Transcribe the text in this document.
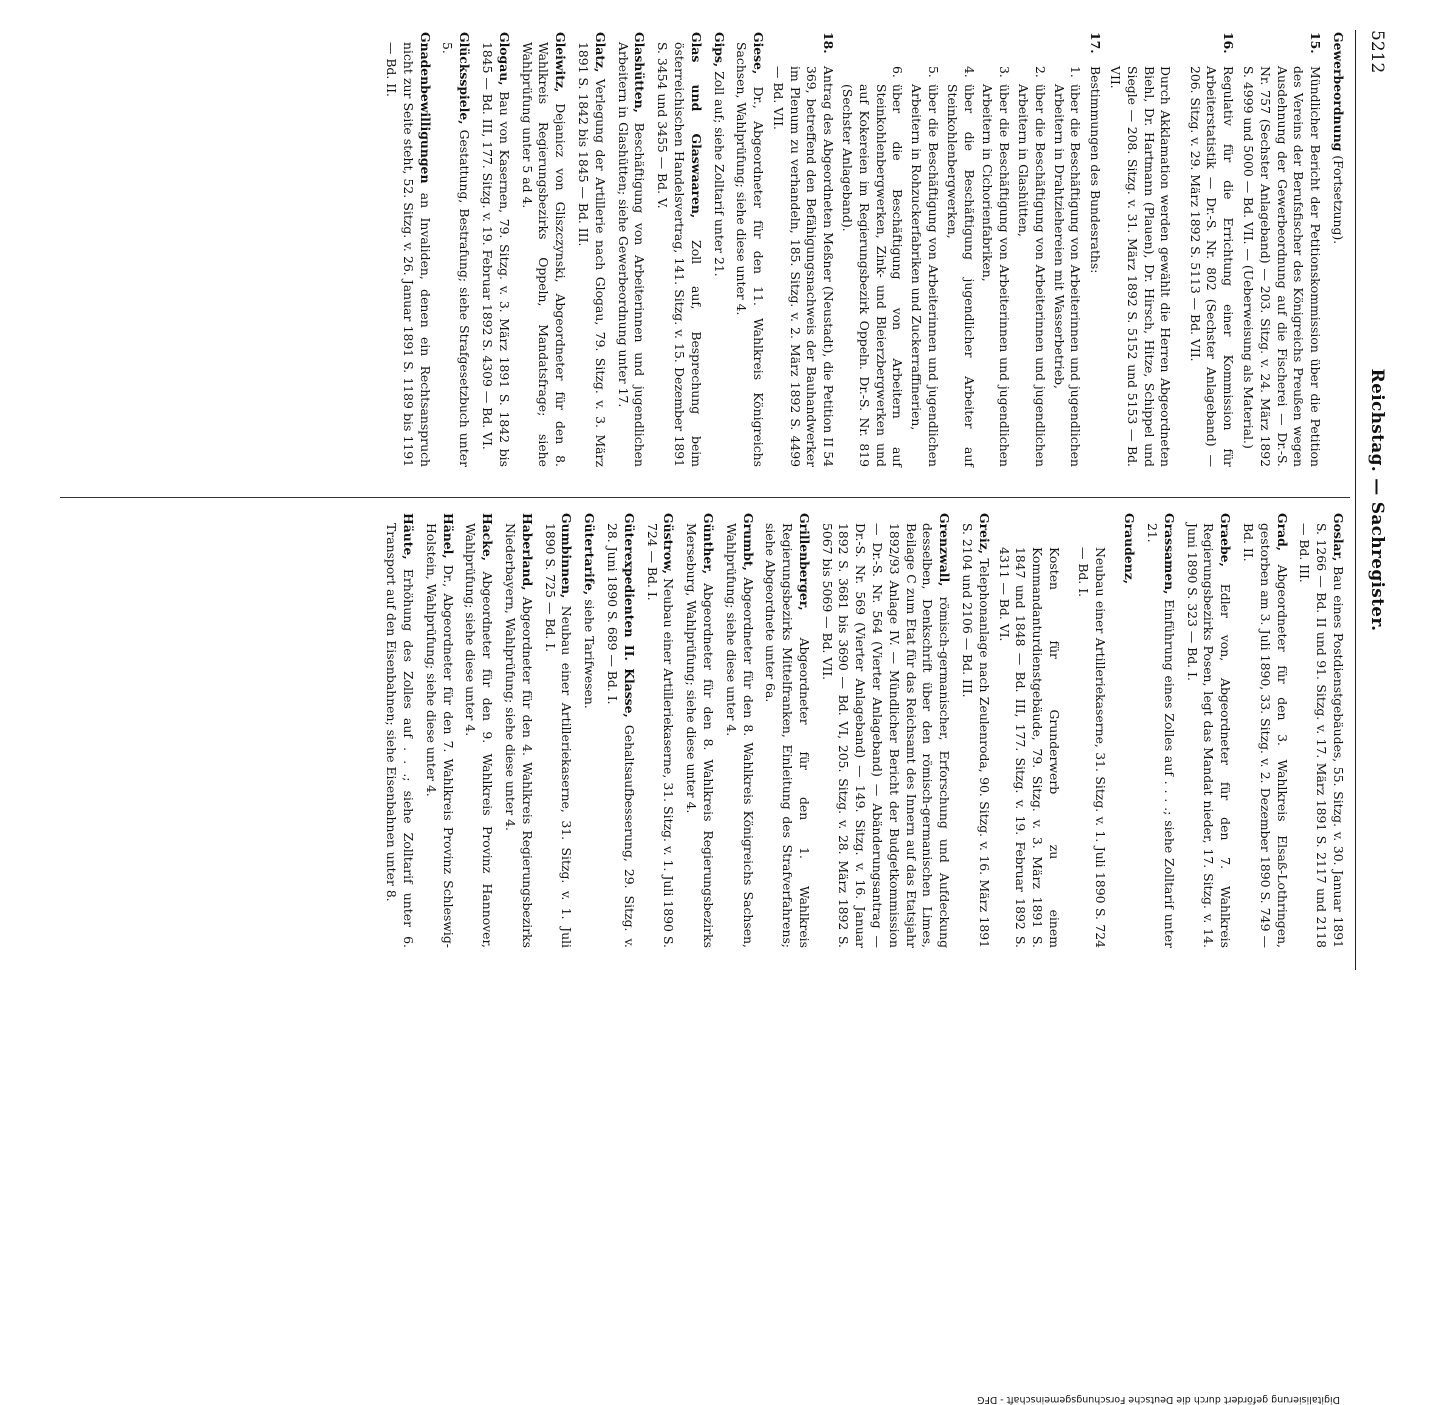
5212
Reichstag. — Sachregister.

Gewerbeordnung (Fortsetzung).

15.
Mündlicher Bericht der Petitionskommission über die Petition des Vereins der Berufsfischer des Königreichs Preußen wegen Ausdehnung der Gewerbeordnung auf die Fischerei — Dr.-S. Nr. 757 (Sechster Anlageband) — 203. Sitzg. v. 24. März 1892 S. 4999 und 5000 — Bd. VII. — (Ueberweisung als Material.)
16.
Regulativ für die Errichtung einer Kommission für Arbeiterstatistik — Dr.-S. Nr. 802 (Sechster Anlageband) — 206. Sitzg. v. 29. März 1892 S. 5113 — Bd. VII.

Durch Akklamation werden gewählt die Herren Abgeordneten Biehl, Dr. Hartmann (Plauen), Dr. Hirsch, Hitze, Schippel und Siegle — 208. Sitzg. v. 31. März 1892 S. 5152 und 5153 — Bd. VII.

17.
Bestimmungen des Bundesraths:
1.
über die Beschäftigung von Arbeiterinnen und jugendlichen Arbeitern in Drahtziehereien mit Wasserbetrieb,
2.
über die Beschäftigung von Arbeiterinnen und jugendlichen Arbeitern in Glashütten,
3.
über die Beschäftigung von Arbeiterinnen und jugendlichen Arbeitern in Cichorienfabriken,
4.
über die Beschäftigung jugendlicher Arbeiter auf Steinkohlenbergwerken,
5.
über die Beschäftigung von Arbeiterinnen und jugendlichen Arbeitern in Rohzuckerfabriken und Zuckerraffinerien,
6.
über die Beschäftigung von Arbeitern auf Steinkohlenbergwerken, Zink- und Bleierzbergwerken und auf Kokereien im Regierungsbezirk Oppeln. Dr.-S. Nr. 819 (Sechster Anlageband).
18.
Antrag des Abgeordneten Meßner (Neustadt), die Petition II 54 369, betreffend den Befähigungsnachweis der Bauhandwerker im Plenum zu verhandeln, 185. Sitzg. v. 2. März 1892 S. 4499 — Bd. VII.

Giese, Dr., Abgeordneter für den 11. Wahlkreis Königreichs Sachsen, Wahlprüfung; siehe diese unter 4.

Gips, Zoll auf; siehe Zolltarif unter 21.

Glas und Glaswaaren, Zoll auf, Besprechung beim österreichischen Handelsvertrag, 141. Sitzg. v. 15. Dezember 1891 S. 3454 und 3455 — Bd. V.

Glashütten, Beschäftigung von Arbeiterinnen und jugendlichen Arbeitern in Glashütten; siehe Gewerbeordnung unter 17.

Glatz, Verlegung der Artillerie nach Glogau, 79. Sitzg. v. 3. März 1891 S. 1842 bis 1845 — Bd. III.

Gleiwitz, Dejanicz von Gliszczynski, Abgeordneter für den 8. Wahlkreis Regierungsbezirks Oppeln, Mandatsfrage; siehe Wahlprüfung unter 5 ad 4.

Glogau, Bau von Kasernen, 79. Sitzg. v. 3. März 1891 S. 1842 bis 1845 — Bd. III, 177. Sitzg. v. 19. Februar 1892 S. 4309 — Bd. VI.

Glücksspiele, Gestattung, Bestrafung; siehe Strafgesetzbuch unter 5.

Gnadenbewilligungen an Invaliden, denen ein Rechtsanspruch nicht zur Seite steht, 52. Sitzg. v. 26. Januar 1891 S. 1189 bis 1191 — Bd. II.

Goslar, Bau eines Postdienstgebäudes, 55. Sitzg. v. 30. Januar 1891 S. 1266 — Bd. II und 91. Sitzg. v. 17. März 1891 S. 2117 und 2118 — Bd. III.

Grad, Abgeordneter für den 3. Wahlkreis Elsaß-Lothringen, gestorben am 3. Juli 1890, 33. Sitzg. v. 2. Dezember 1890 S. 749 — Bd. II.

Graebe, Edler von, Abgeordneter für den 7. Wahlkreis Regierungsbezirks Posen, legt das Mandat nieder, 17. Sitzg. v. 14. Juni 1890 S. 323 — Bd. I.

Grassamen, Einführung eines Zolles auf . . . .; siehe Zolltarif unter 21.

Graudenz,

Neubau einer Artilleriekaserne, 31. Sitzg. v. 1. Juli 1890 S. 724 — Bd. I.

Kosten für Grunderwerb zu einem Kommandanturdienstgebäude, 79. Sitzg. v. 3. März 1891 S. 1847 und 1848 — Bd. III, 177. Sitzg. v. 19. Februar 1892 S. 4311 — Bd. VI.

Greiz, Telephonanlage nach Zeulenroda, 90. Sitzg. v. 16. März 1891 S. 2104 und 2106 — Bd. III.

Grenzwall, römisch-germanischer, Erforschung und Aufdeckung desselben, Denkschrift über den römisch-germanischen Limes, Beilage C zum Etat für das Reichsamt des Innern auf das Etatsjahr 1892/93 Anlage IV. — Mündlicher Bericht der Budgetkommission — Dr.-S. Nr. 564 (Vierter Anlageband) — Abänderungsantrag — Dr.-S. Nr. 569 (Vierter Anlageband) — 149. Sitzg. v. 16. Januar 1892 S. 3681 bis 3690 — Bd. VI, 205. Sitzg. v. 28. März 1892 S. 5067 bis 5069 — Bd. VII.

Grillenberger, Abgeordneter für den 1. Wahlkreis Regierungsbezirks Mittelfranken, Einleitung des Strafverfahrens; siehe Abgeordnete unter 6a.

Grumbt, Abgeordneter für den 8. Wahlkreis Königreichs Sachsen, Wahlprüfung; siehe diese unter 4.

Günther, Abgeordneter für den 8. Wahlkreis Regierungsbezirks Merseburg, Wahlprüfung; siehe diese unter 4.

Güstrow, Neubau einer Artilleriekaserne, 31. Sitzg. v. 1. Juli 1890 S. 724 — Bd. I.

Güterexpedienten II. Klasse, Gehaltsaufbesserung, 29. Sitzg. v. 28. Juni 1890 S. 689 — Bd. I.

Gütertarife, siehe Tarifwesen.

Gumbinnen, Neubau einer Artilleriekaserne, 31. Sitzg. v. 1. Juli 1890 S. 725 — Bd. I.

Haberland, Abgeordneter für den 4. Wahlkreis Regierungsbezirks Niederbayern, Wahlprüfung; siehe diese unter 4.

Hacke, Abgeordneter für den 9. Wahlkreis Provinz Hannover, Wahlprüfung; siehe diese unter 4.

Hänel, Dr., Abgeordneter für den 7. Wahlkreis Provinz Schleswig-Holstein, Wahlprüfung; siehe diese unter 4.

Häute, Erhöhung des Zolles auf . . .; siehe Zolltarif unter 6. Transport auf den Eisenbahnen; siehe Eisenbahnen unter 8.

Digitalisierung gefördert durch die Deutsche Forschungsgemeinschaft - DFG
